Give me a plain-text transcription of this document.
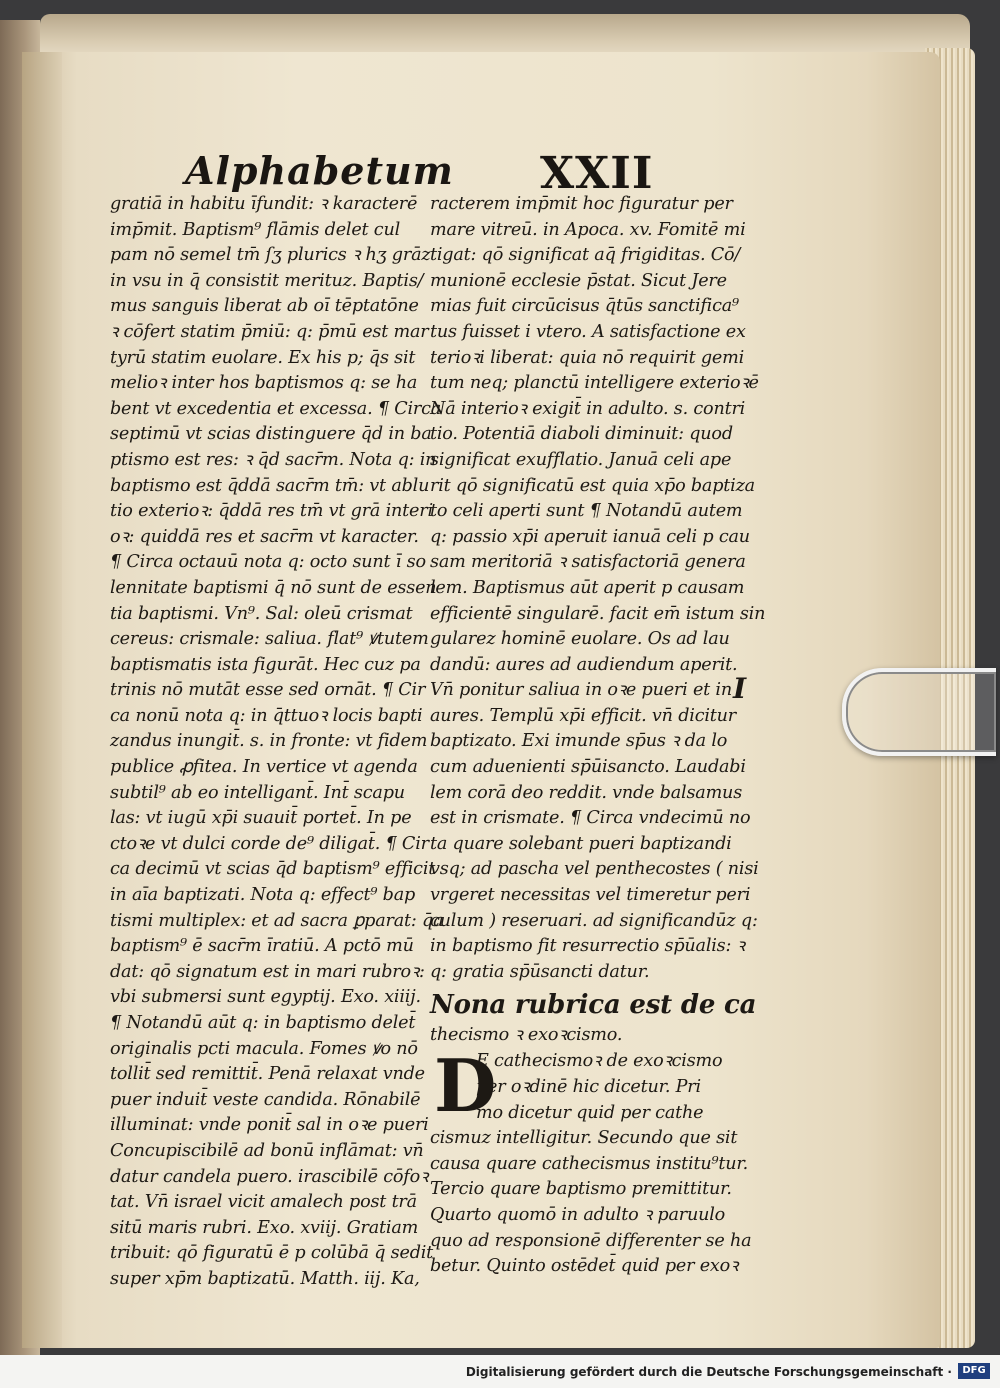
Alphabetum XXII
gratiā in habitu īfundit: ꝛ karacterē
imp̄mit. Baptism⁹ flāmis delet cul
pam nō semel tm̄ ſʒ plurics ꝛ hʒ grāz
in vsu in q̄ consistit merituz. Baptis/
mus sanguis liberat ab oī tēptatōne
ꝛ cōfert statim p̄miū: q: p̄mū est mar
tyrū statim euolare. Ex his p; q̄s sit
melioꝛ inter hos baptismos q: se ha
bent vt excedentia et excessa. ¶ Circa
septimū vt scias distinguere q̄d in ba
ptismo est res: ꝛ q̄d sacr̄m. Nota q: in
baptismo est q̄ddā sacr̄m tm̄: vt ablu
tio exterioꝛ: q̄ddā res tm̄ vt grā interi
oꝛ: quiddā res et sacr̄m vt karacter.
¶ Circa octauū nota q: octo sunt ī so
lennitate baptismi q̄ nō sunt de essen
tia baptismi. Vn⁹. Sal: oleū crismat
cereus: crismale: saliua. flat⁹ ꝟtutem
baptismatis ista figurāt. Hec cuz pa
trinis nō mutāt esse sed ornāt. ¶ Cir
ca nonū nota q: in q̄ttuoꝛ locis bapti
zandus inungit̄. s. in fronte: vt fidem
publice ꝓfitea. In vertice vt agenda
subtil⁹ ab eo intelligant̄. Int̄ scapu
las: vt iugū xp̄i suauit̄ portet̄. In pe
ctoꝛe vt dulci corde de⁹ diligat̄. ¶ Cir
ca decimū vt scias q̄d baptism⁹ efficit
in aīa baptizati. Nota q: effect⁹ bap
tismi multiplex: et ad sacra ꝑparat: q̄a
baptism⁹ ē sacr̄m īratiū. A pctō mū
dat: qō signatum est in mari rubroꝛ:
vbi submersi sunt egyptij. Exo. xiiij.
¶ Notandū aūt q: in baptismo delet̄
originalis pcti macula. Fomes ꝟo nō
tollit̄ sed remittit̄. Penā relaxat vnde
puer induit̄ veste candida. Rōnabilē
illuminat: vnde ponit̄ sal in oꝛe pueri
Concupiscibilē ad bonū inflāmat: vn̄
datur candela puero. irascibilē cōfoꝛ
tat. Vn̄ israel vicit amalech post trā
sitū maris rubri. Exo. xviij. Gratiam
tribuit: qō figuratū ē p colūbā q̄ sedit
super xp̄m baptizatū. Matth. iij. Ka,
racterem imp̄mit hoc figuratur per
mare vitreū. in Apoca. xv. Fomitē mi
tigat: qō significat aq̄ frigiditas. Cō/
munionē ecclesie p̄stat. Sicut Jere
mias fuit circūcisus q̄tūs sanctifica⁹
tus fuisset i vtero. A satisfactione ex
terioꝛi liberat: quia nō requirit gemi
tum neq; planctū intelligere exterioꝛē
Nā interioꝛ exigit̄ in adulto. s. contri
tio. Potentiā diaboli diminuit: quod
significat exufflatio. Januā celi ape
rit qō significatū est quia xp̄o baptiza
to celi aperti sunt ¶ Notandū autem
q: passio xp̄i aperuit ianuā celi p cau
sam meritoriā ꝛ satisfactoriā genera
lem. Baptismus aūt aperit p causam
efficientē singularē. facit em̄ istum sin
gularez hominē euolare. Os ad lau
dandū: aures ad audiendum aperit.
Vn̄ ponitur saliua in oꝛe pueri et in
aures. Templū xp̄i efficit. vn̄ dicitur
baptizato. Exi imunde sp̄us ꝛ da lo
cum aduenienti sp̄ūisancto. Laudabi
lem corā deo reddit. vnde balsamus
est in crismate. ¶ Circa vndecimū no
ta quare solebant pueri baptizandi
vsq; ad pascha vel penthecostes ( nisi
vrgeret necessitas vel timeretur peri
culum ) reseruari. ad significandūz q:
in baptismo fit resurrectio sp̄ūalis: ꝛ
q: gratia sp̄ūsancti datur.
Nona rubrica est de ca
thecismo ꝛ exoꝛcismo.
D
E cathecismoꝛ de exoꝛcismo
per oꝛdinē hic dicetur. Pri
mo dicetur quid per cathe
cismuz intelligitur. Secundo que sit
causa quare cathecismus institu⁹tur.
Tercio quare baptismo premittitur.
Quarto quomō in adulto ꝛ paruulo
quo ad responsionē differenter se ha
betur. Quinto ostēdet̄ quid per exoꝛ
I
Digitalisierung gefördert durch die Deutsche Forschungsgemeinschaft ·	DFG
